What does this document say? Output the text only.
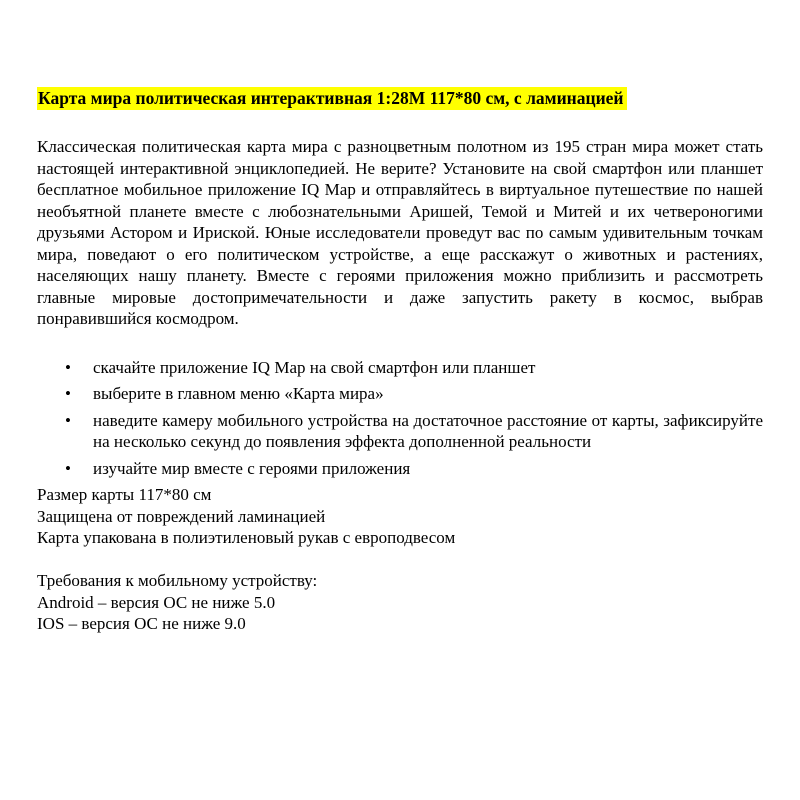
Карта мира политическая интерактивная 1:28М 117*80 см, с ламинацией

Классическая политическая карта мира с разноцветным полотном из 195 стран мира может стать настоящей интерактивной энциклопедией. Не верите? Установите на свой смартфон или планшет бесплатное мобильное приложение IQ Map и отправляйтесь в виртуальное путешествие по нашей необъятной планете вместе с любознательными Аришей, Темой и Митей и их четвероногими друзьями Астором и Ириской. Юные исследователи проведут вас по самым удивительным точкам мира, поведают о его политическом устройстве, а еще расскажут о животных и растениях, населяющих нашу планету. Вместе с героями приложения можно приблизить и рассмотреть главные мировые достопримечательности и даже запустить ракету в космос, выбрав понравившийся космодром.

• скачайте приложение IQ Map на свой смартфон или планшет
• выберите в главном меню «Карта мира»
• наведите камеру мобильного устройства на достаточное расстояние от карты, зафиксируйте на несколько секунд до появления эффекта дополненной реальности
• изучайте мир вместе с героями приложения

Размер карты 117*80 см

Защищена от повреждений ламинацией

Карта упакована в полиэтиленовый рукав с европодвесом

Требования к мобильному устройству:

Android – версия ОС не ниже 5.0

IOS – версия ОС не ниже 9.0
